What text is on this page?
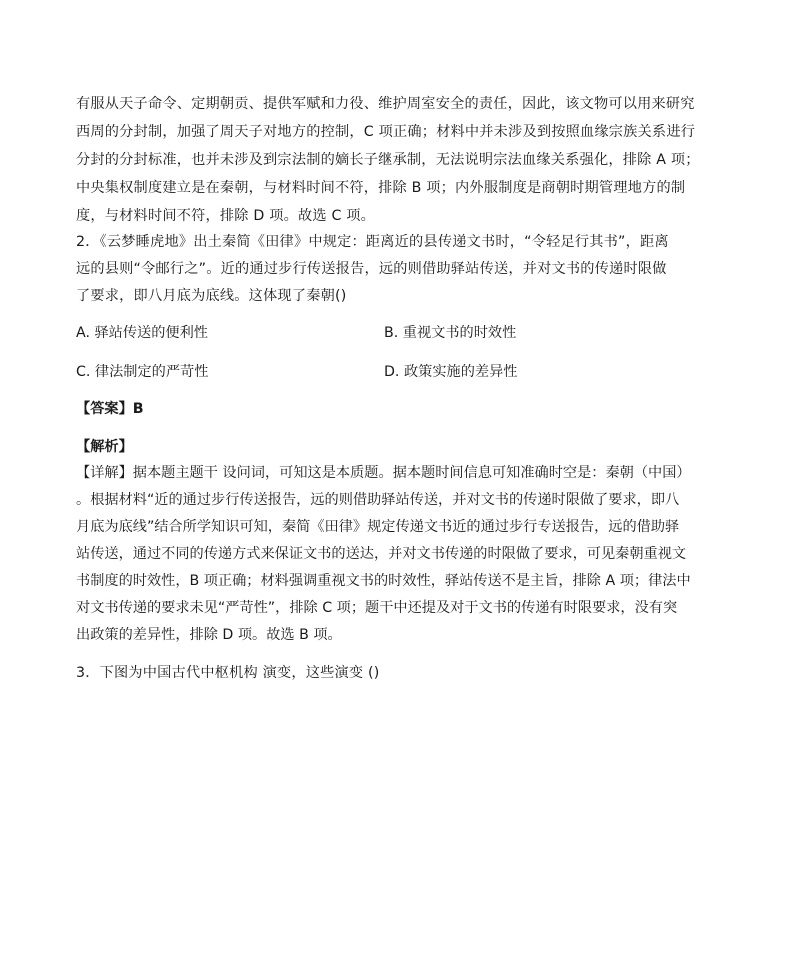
有服从天子命令、定期朝贡、提供军赋和力役、维护周室安全的责任，因此，该文物可以用来研究
西周的分封制，加强了周天子对地方的控制，C 项正确；材料中并未涉及到按照血缘宗族关系进行
分封的分封标准，也并未涉及到宗法制的嫡长子继承制，无法说明宗法血缘关系强化，排除 A 项；
中央集权制度建立是在秦朝，与材料时间不符，排除 B 项；内外服制度是商朝时期管理地方的制
度，与材料时间不符，排除 D 项。故选 C 项。
2．《云梦睡虎地》出土秦简《田律》中规定：距离近的县传递文书时，“令轻足行其书”，距离
远的县则“令邮行之”。近的通过步行传送报告，远的则借助驿站传送，并对文书的传递时限做
了要求，即八月底为底线。这体现了秦朝()
A. 驿站传送的便利性	B. 重视文书的时效性
C. 律法制定的严苛性	D. 政策实施的差异性
【答案】B
【解析】
【详解】据本题主题干 设问词，可知这是本质题。据本题时间信息可知准确时空是：秦朝（中国）
。根据材料“近的通过步行传送报告，远的则借助驿站传送，并对文书的传递时限做了要求，即八
月底为底线”结合所学知识可知，秦简《田律》规定传递文书近的通过步行专送报告，远的借助驿
站传送，通过不同的传递方式来保证文书的送达，并对文书传递的时限做了要求，可见秦朝重视文
书制度的时效性，B 项正确；材料强调重视文书的时效性，驿站传送不是主旨，排除 A 项；律法中
对文书传递的要求未见“严苛性”，排除 C 项；题干中还提及对于文书的传递有时限要求，没有突
出政策的差异性，排除 D 项。故选 B 项。
3．下图为中国古代中枢机构 演变，这些演变 ()
